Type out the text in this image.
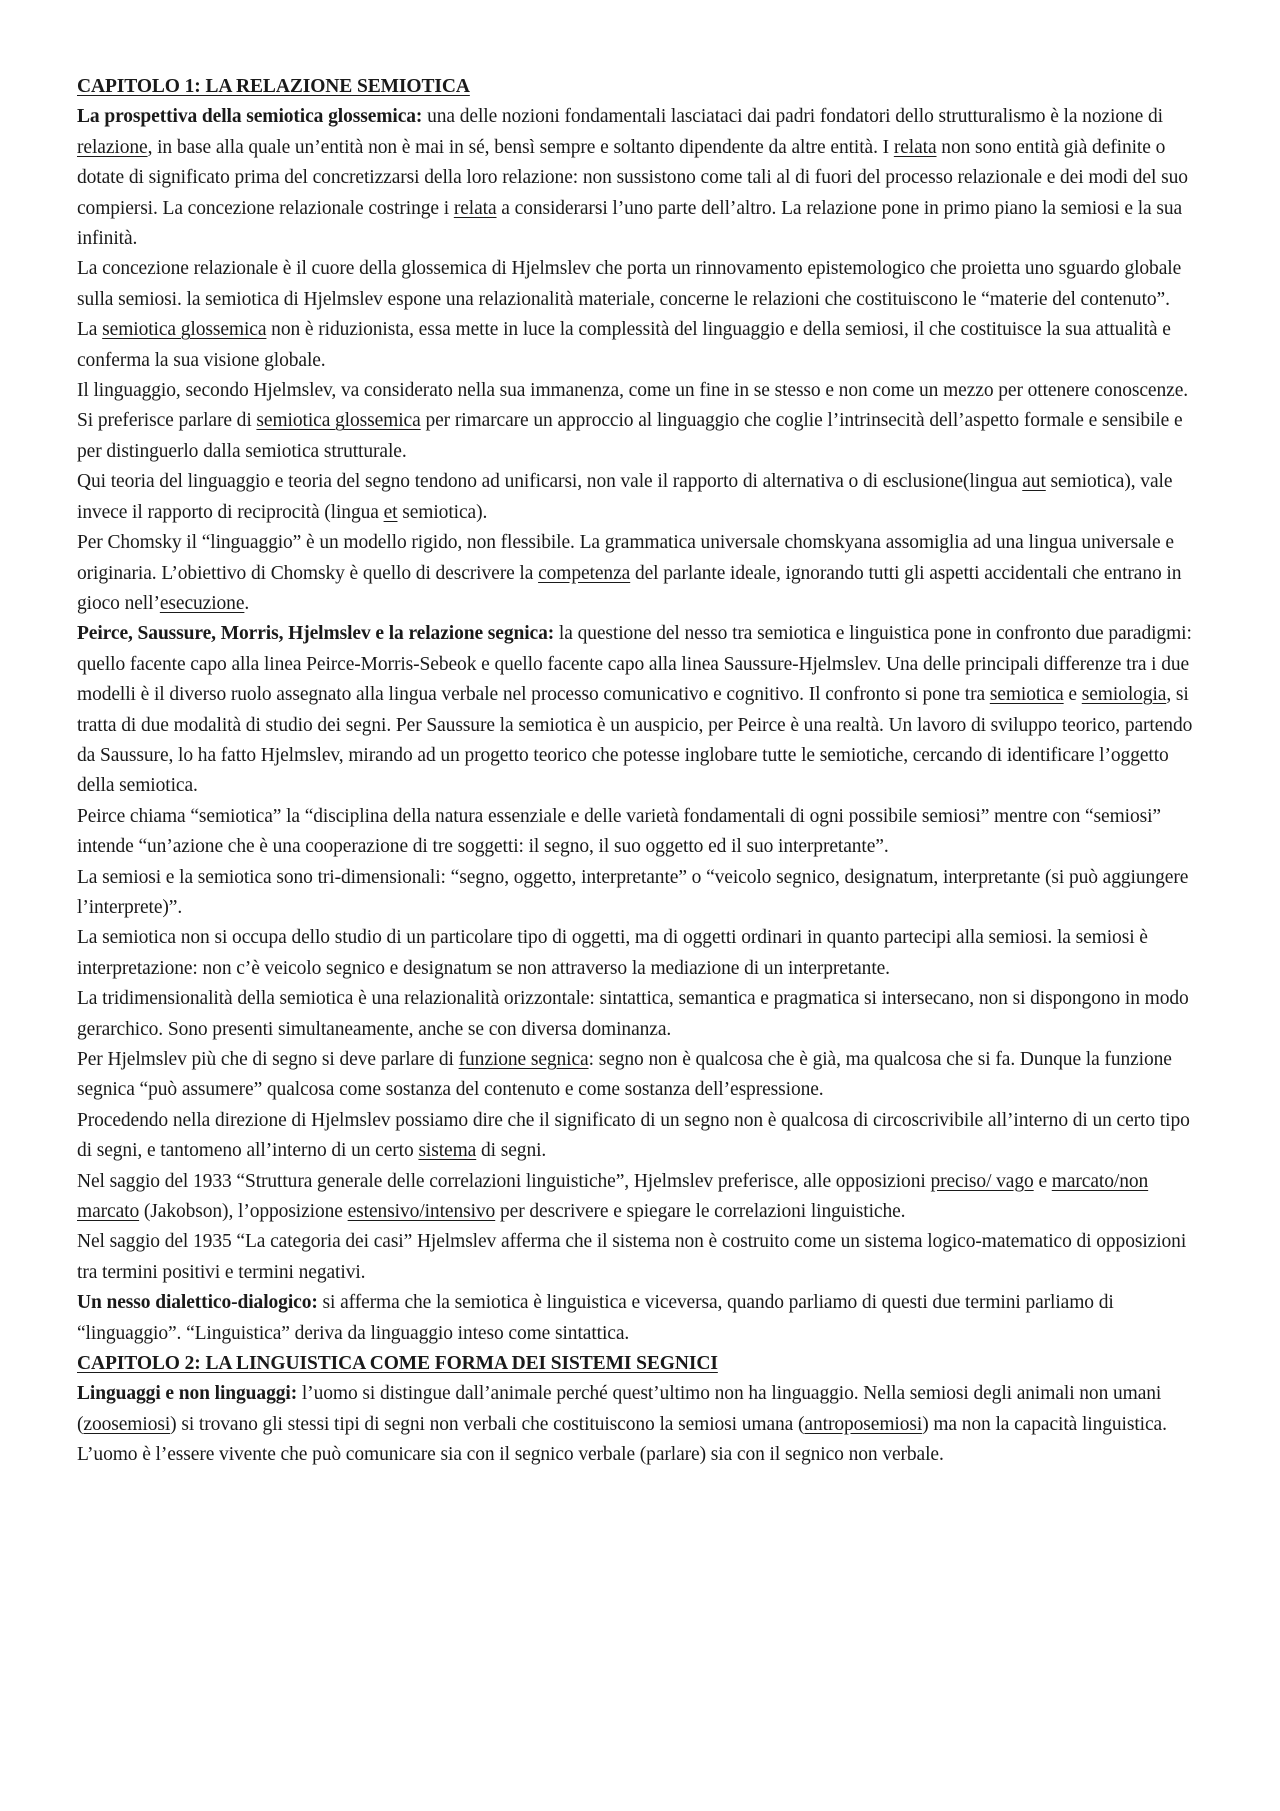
CAPITOLO 1: LA RELAZIONE SEMIOTICA

La prospettiva della semiotica glossemica: una delle nozioni fondamentali lasciataci dai padri fondatori dello strutturalismo è la nozione di relazione, in base alla quale un’entità non è mai in sé, bensì sempre e soltanto dipendente da altre entità. I relata non sono entità già definite o dotate di significato prima del concretizzarsi della loro relazione: non sussistono come tali al di fuori del processo relazionale e dei modi del suo compiersi. La concezione relazionale costringe i relata a considerarsi l’uno parte dell’altro. La relazione pone in primo piano la semiosi e la sua infinità.

La concezione relazionale è il cuore della glossemica di Hjelmslev che porta un rinnovamento epistemologico che proietta uno sguardo globale sulla semiosi. la semiotica di Hjelmslev espone una relazionalità materiale, concerne le relazioni che costituiscono le “materie del contenuto”.

La semiotica glossemica non è riduzionista, essa mette in luce la complessità del linguaggio e della semiosi, il che costituisce la sua attualità e conferma la sua visione globale.

Il linguaggio, secondo Hjelmslev, va considerato nella sua immanenza, come un fine in se stesso e non come un mezzo per ottenere conoscenze. Si preferisce parlare di semiotica glossemica per rimarcare un approccio al linguaggio che coglie l’intrinsecità dell’aspetto formale e sensibile e per distinguerlo dalla semiotica strutturale.

Qui teoria del linguaggio e teoria del segno tendono ad unificarsi, non vale il rapporto di alternativa o di esclusione(lingua aut semiotica), vale invece il rapporto di reciprocità (lingua et semiotica).

Per Chomsky il “linguaggio” è un modello rigido, non flessibile. La grammatica universale chomskyana assomiglia ad una lingua universale e originaria. L’obiettivo di Chomsky è quello di descrivere la competenza del parlante ideale, ignorando tutti gli aspetti accidentali che entrano in gioco nell’esecuzione.

Peirce, Saussure, Morris, Hjelmslev e la relazione segnica: la questione del nesso tra semiotica e linguistica pone in confronto due paradigmi: quello facente capo alla linea Peirce-Morris-Sebeok e quello facente capo alla linea Saussure-Hjelmslev. Una delle principali differenze tra i due modelli è il diverso ruolo assegnato alla lingua verbale nel processo comunicativo e cognitivo. Il confronto si pone tra semiotica e semiologia, si tratta di due modalità di studio dei segni. Per Saussure la semiotica è un auspicio, per Peirce è una realtà. Un lavoro di sviluppo teorico, partendo da Saussure, lo ha fatto Hjelmslev, mirando ad un progetto teorico che potesse inglobare tutte le semiotiche, cercando di identificare l’oggetto della semiotica.

Peirce chiama “semiotica” la “disciplina della natura essenziale e delle varietà fondamentali di ogni possibile semiosi” mentre con “semiosi” intende “un’azione che è una cooperazione di tre soggetti: il segno, il suo oggetto ed il suo interpretante”.

La semiosi e la semiotica sono tri-dimensionali: “segno, oggetto, interpretante” o “veicolo segnico, designatum, interpretante (si può aggiungere l’interprete)”.

La semiotica non si occupa dello studio di un particolare tipo di oggetti, ma di oggetti ordinari in quanto partecipi alla semiosi. la semiosi è interpretazione: non c’è veicolo segnico e designatum se non attraverso la mediazione di un interpretante.

La tridimensionalità della semiotica è una relazionalità orizzontale: sintattica, semantica e pragmatica si intersecano, non si dispongono in modo gerarchico. Sono presenti simultaneamente, anche se con diversa dominanza.

Per Hjelmslev più che di segno si deve parlare di funzione segnica: segno non è qualcosa che è già, ma qualcosa che si fa. Dunque la funzione segnica “può assumere” qualcosa come sostanza del contenuto e come sostanza dell’espressione.

Procedendo nella direzione di Hjelmslev possiamo dire che il significato di un segno non è qualcosa di circoscrivibile all’interno di un certo tipo di segni, e tantomeno all’interno di un certo sistema di segni.

Nel saggio del 1933 “Struttura generale delle correlazioni linguistiche”, Hjelmslev preferisce, alle opposizioni preciso/ vago e marcato/non marcato (Jakobson), l’opposizione estensivo/intensivo per descrivere e spiegare le correlazioni linguistiche.

Nel saggio del 1935 “La categoria dei casi” Hjelmslev afferma che il sistema non è costruito come un sistema logico-matematico di opposizioni tra termini positivi e termini negativi.

Un nesso dialettico-dialogico: si afferma che la semiotica è linguistica e viceversa, quando parliamo di questi due termini parliamo di “linguaggio”. “Linguistica” deriva da linguaggio inteso come sintattica.

CAPITOLO 2: LA LINGUISTICA COME FORMA DEI SISTEMI SEGNICI

Linguaggi e non linguaggi: l’uomo si distingue dall’animale perché quest’ultimo non ha linguaggio. Nella semiosi degli animali non umani (zoosemiosi) si trovano gli stessi tipi di segni non verbali che costituiscono la semiosi umana (antroposemiosi) ma non la capacità linguistica.

L’uomo è l’essere vivente che può comunicare sia con il segnico verbale (parlare) sia con il segnico non verbale.
